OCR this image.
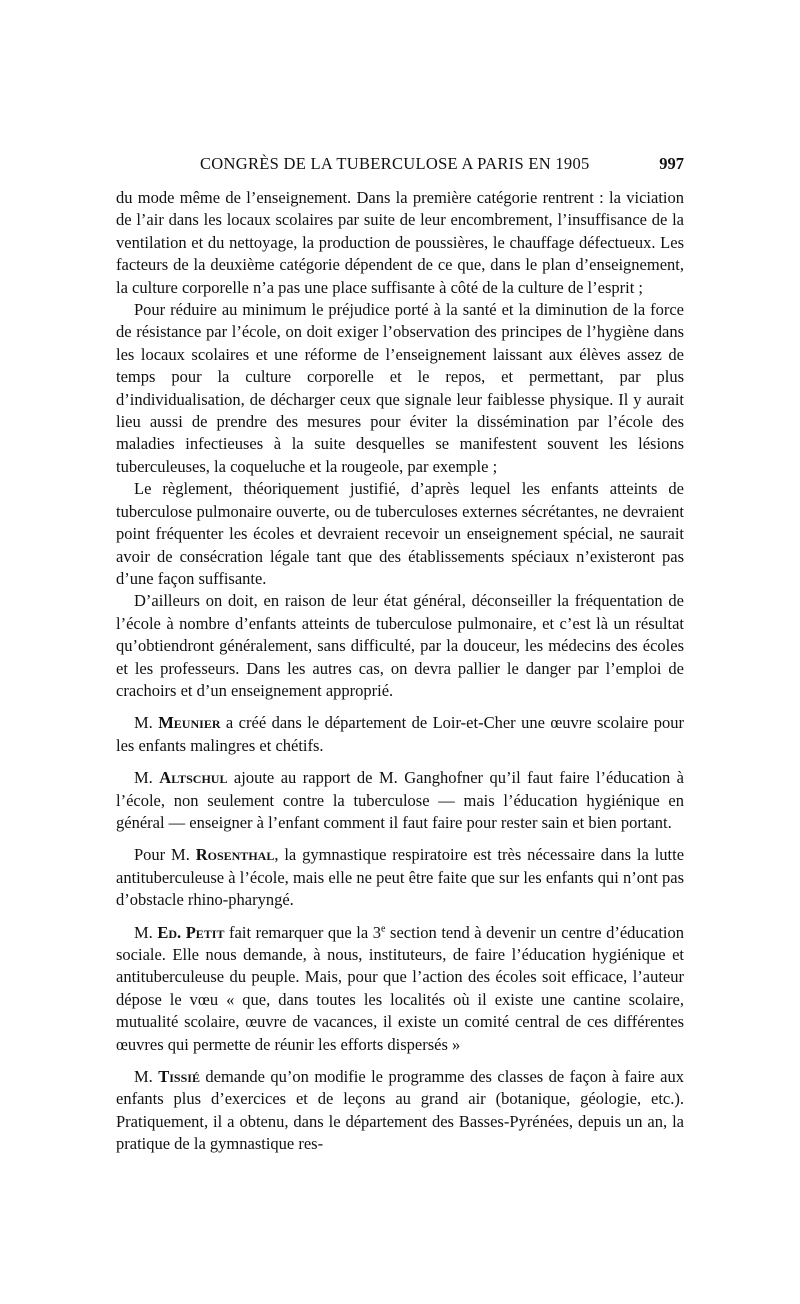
CONGRÈS DE LA TUBERCULOSE A PARIS EN 1905	997

du mode même de l’enseignement. Dans la première catégorie rentrent : la viciation de l’air dans les locaux scolaires par suite de leur encombrement, l’insuffisance de la ventilation et du nettoyage, la production de poussières, le chauffage défectueux. Les facteurs de la deuxième catégorie dépendent de ce que, dans le plan d’enseignement, la culture corporelle n’a pas une place suffisante à côté de la culture de l’esprit ;

Pour réduire au minimum le préjudice porté à la santé et la diminution de la force de résistance par l’école, on doit exiger l’observation des principes de l’hygiène dans les locaux scolaires et une réforme de l’enseignement laissant aux élèves assez de temps pour la culture corporelle et le repos, et permettant, par plus d’individualisation, de décharger ceux que signale leur faiblesse physique. Il y aurait lieu aussi de prendre des mesures pour éviter la dissémination par l’école des maladies infectieuses à la suite desquelles se manifestent souvent les lésions tuberculeuses, la coqueluche et la rougeole, par exemple ;

Le règlement, théoriquement justifié, d’après lequel les enfants atteints de tuberculose pulmonaire ouverte, ou de tuberculoses externes sécrétantes, ne devraient point fréquenter les écoles et devraient recevoir un enseignement spécial, ne saurait avoir de consécration légale tant que des établissements spéciaux n’existeront pas d’une façon suffisante.

D’ailleurs on doit, en raison de leur état général, déconseiller la fréquentation de l’école à nombre d’enfants atteints de tuberculose pulmonaire, et c’est là un résultat qu’obtiendront généralement, sans difficulté, par la douceur, les médecins des écoles et les professeurs. Dans les autres cas, on devra pallier le danger par l’emploi de crachoirs et d’un enseignement approprié.

M. Meunier a créé dans le département de Loir-et-Cher une œuvre scolaire pour les enfants malingres et chétifs.

M. Altschul ajoute au rapport de M. Ganghofner qu’il faut faire l’éducation à l’école, non seulement contre la tuberculose — mais l’éducation hygiénique en général — enseigner à l’enfant comment il faut faire pour rester sain et bien portant.

Pour M. Rosenthal, la gymnastique respiratoire est très nécessaire dans la lutte antituberculeuse à l’école, mais elle ne peut être faite que sur les enfants qui n’ont pas d’obstacle rhino-pharyngé.

M. Ed. Petit fait remarquer que la 3e section tend à devenir un centre d’éducation sociale. Elle nous demande, à nous, instituteurs, de faire l’éducation hygiénique et antituberculeuse du peuple. Mais, pour que l’action des écoles soit efficace, l’auteur dépose le vœu « que, dans toutes les localités où il existe une cantine scolaire, mutualité scolaire, œuvre de vacances, il existe un comité central de ces différentes œuvres qui permette de réunir les efforts dispersés »

M. Tissié demande qu’on modifie le programme des classes de façon à faire aux enfants plus d’exercices et de leçons au grand air (botanique, géologie, etc.). Pratiquement, il a obtenu, dans le département des Basses-Pyrénées, depuis un an, la pratique de la gymnastique res-
